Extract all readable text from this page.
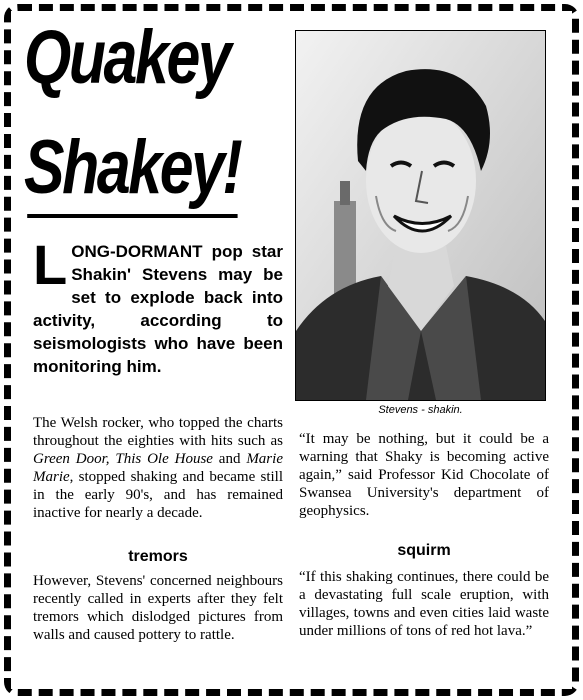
Quakey
Shakey!
Stevens - shakin.

LONG-DORMANT pop star Shakin' Stevens may be set to explode back into activity, according to seismologists who have been monitoring him.

The Welsh rocker, who topped the charts throughout the eighties with hits such as Green Door, This Ole House and Marie Marie, stopped shaking and became still in the early 90's, and has remained inactive for nearly a decade.

tremors

However, Stevens' concerned neighbours recently called in experts after they felt tremors which dislodged pictures from walls and caused pottery to rattle.

“It may be nothing, but it could be a warning that Shaky is becoming active again,” said Professor Kid Chocolate of Swansea University's department of geophysics.

squirm

“If this shaking continues, there could be a devastating full scale eruption, with villages, towns and even cities laid waste under millions of tons of red hot lava.”
